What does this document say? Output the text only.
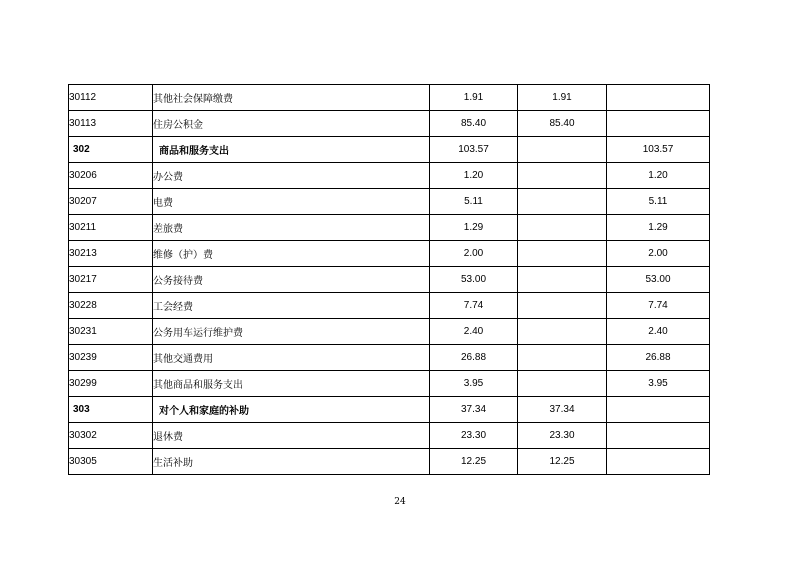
30112	其他社会保障缴费	1.91	1.91	
30113	住房公积金	85.40	85.40	
302	商品和服务支出	103.57		103.57
30206	办公费	1.20		1.20
30207	电费	5.11		5.11
30211	差旅费	1.29		1.29
30213	维修（护）费	2.00		2.00
30217	公务接待费	53.00		53.00
30228	工会经费	7.74		7.74
30231	公务用车运行维护费	2.40		2.40
30239	其他交通费用	26.88		26.88
30299	其他商品和服务支出	3.95		3.95
303	对个人和家庭的补助	37.34	37.34	
30302	退休费	23.30	23.30	
30305	生活补助	12.25	12.25	
24
